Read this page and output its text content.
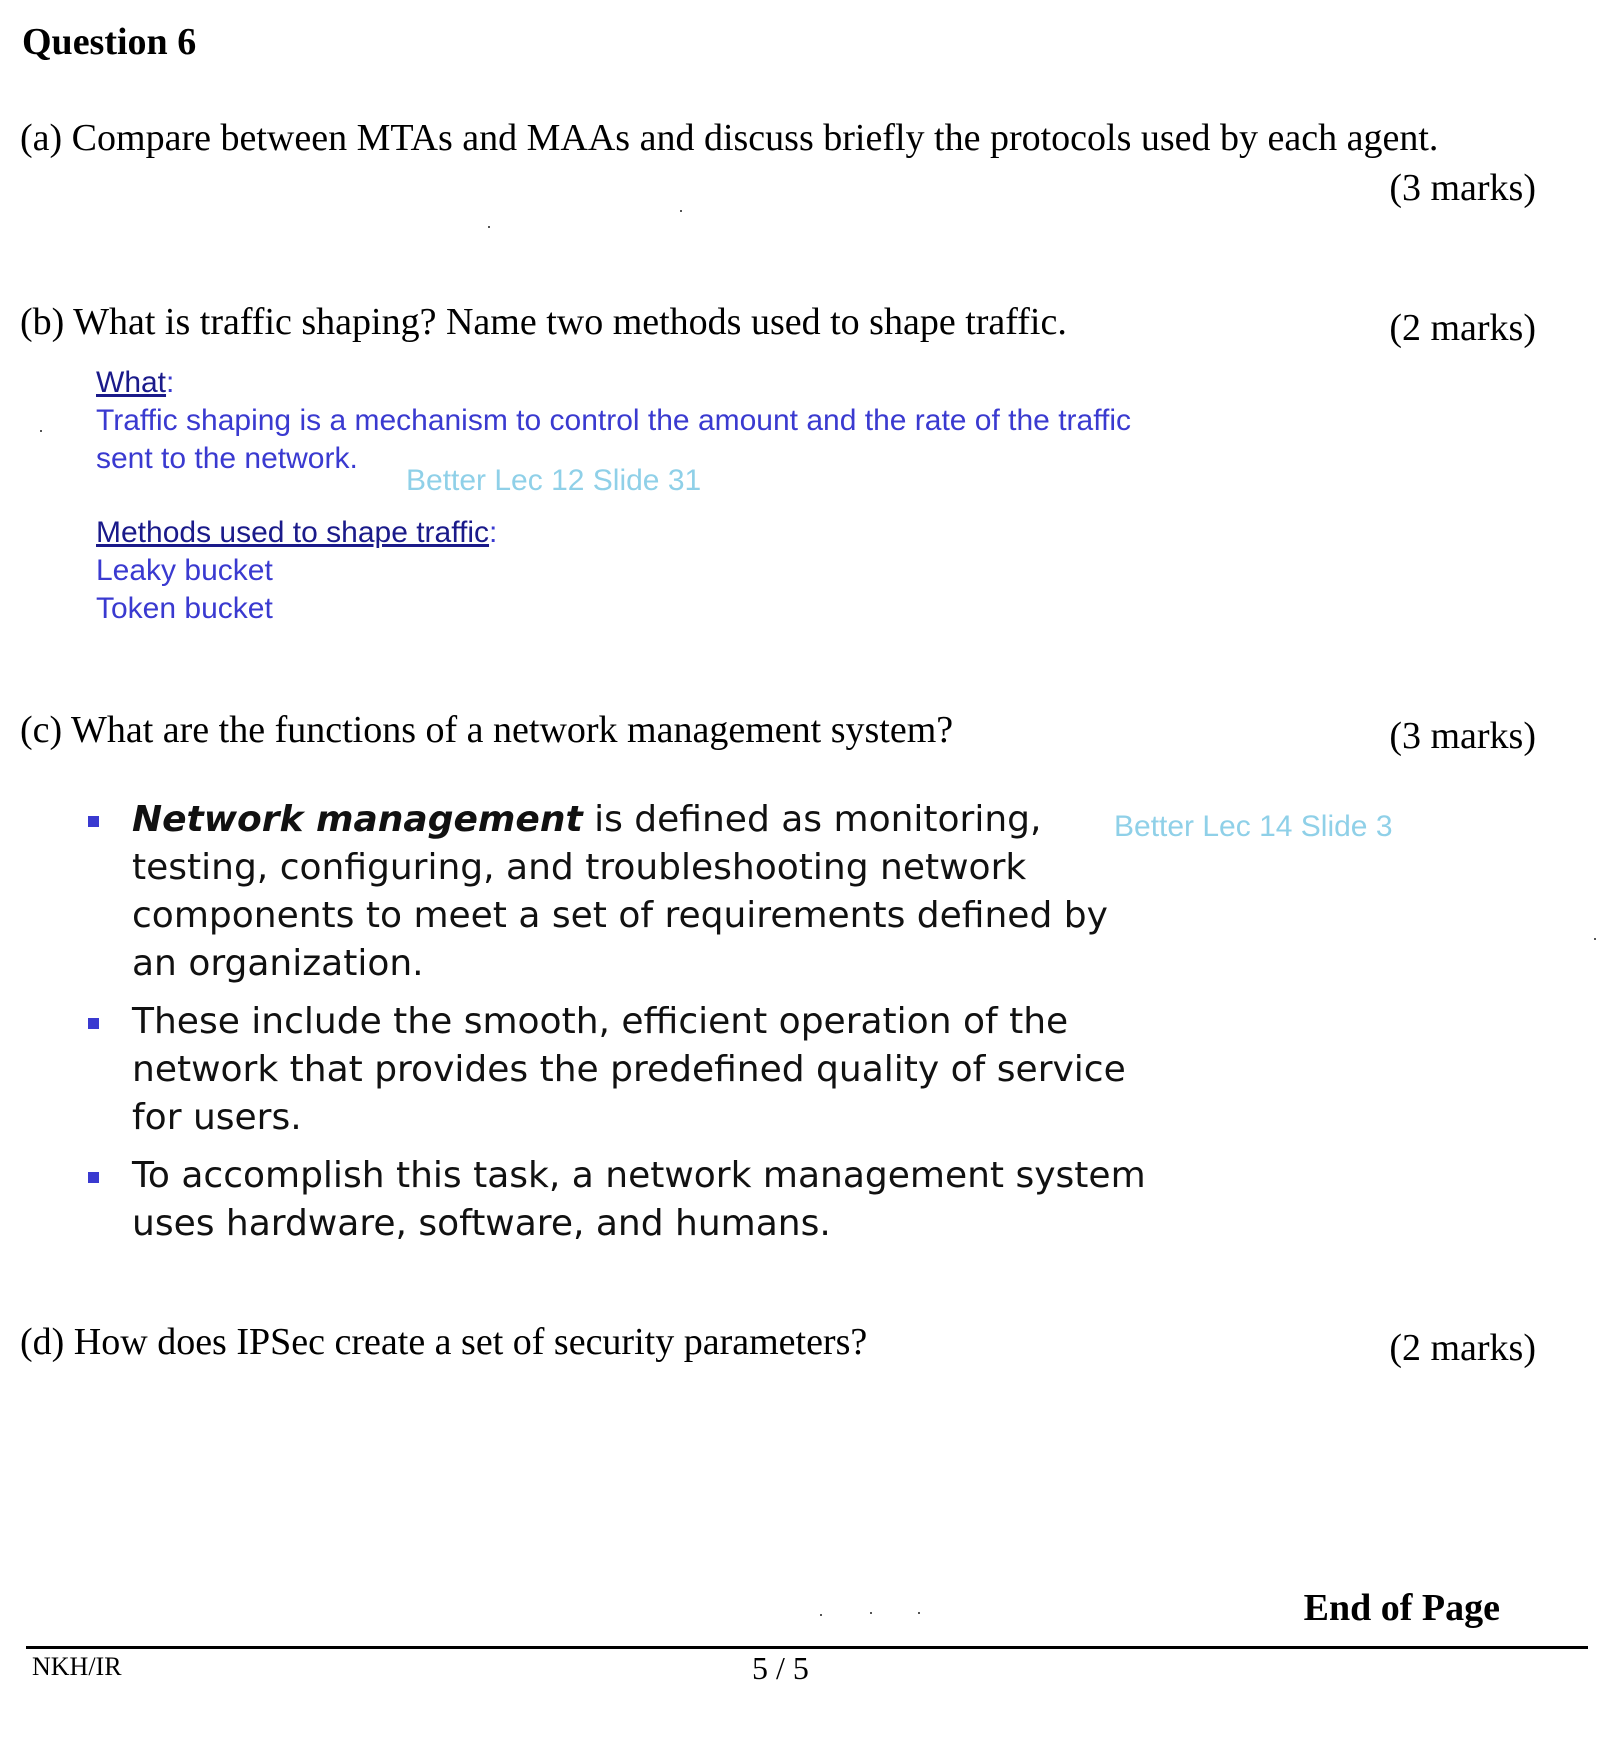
Question 6
(a) Compare between MTAs and MAAs and discuss briefly the protocols used by each agent.
(3 marks)
(b) What is traffic shaping? Name two methods used to shape traffic.	(2 marks)
What:
Traffic shaping is a mechanism to control the amount and the rate of the traffic
sent to the network.
Better Lec 12 Slide 31
Methods used to shape traffic:
Leaky bucket
Token bucket
(c) What are the functions of a network management system?	(3 marks)
Better Lec 14 Slide 3
Network management is defined as monitoring, testing, configuring, and troubleshooting network components to meet a set of requirements defined by an organization.
These include the smooth, efficient operation of the network that provides the predefined quality of service for users.
To accomplish this task, a network management system uses hardware, software, and humans.
(d) How does IPSec create a set of security parameters?	(2 marks)
End of Page
NKH/IR	5 / 5
